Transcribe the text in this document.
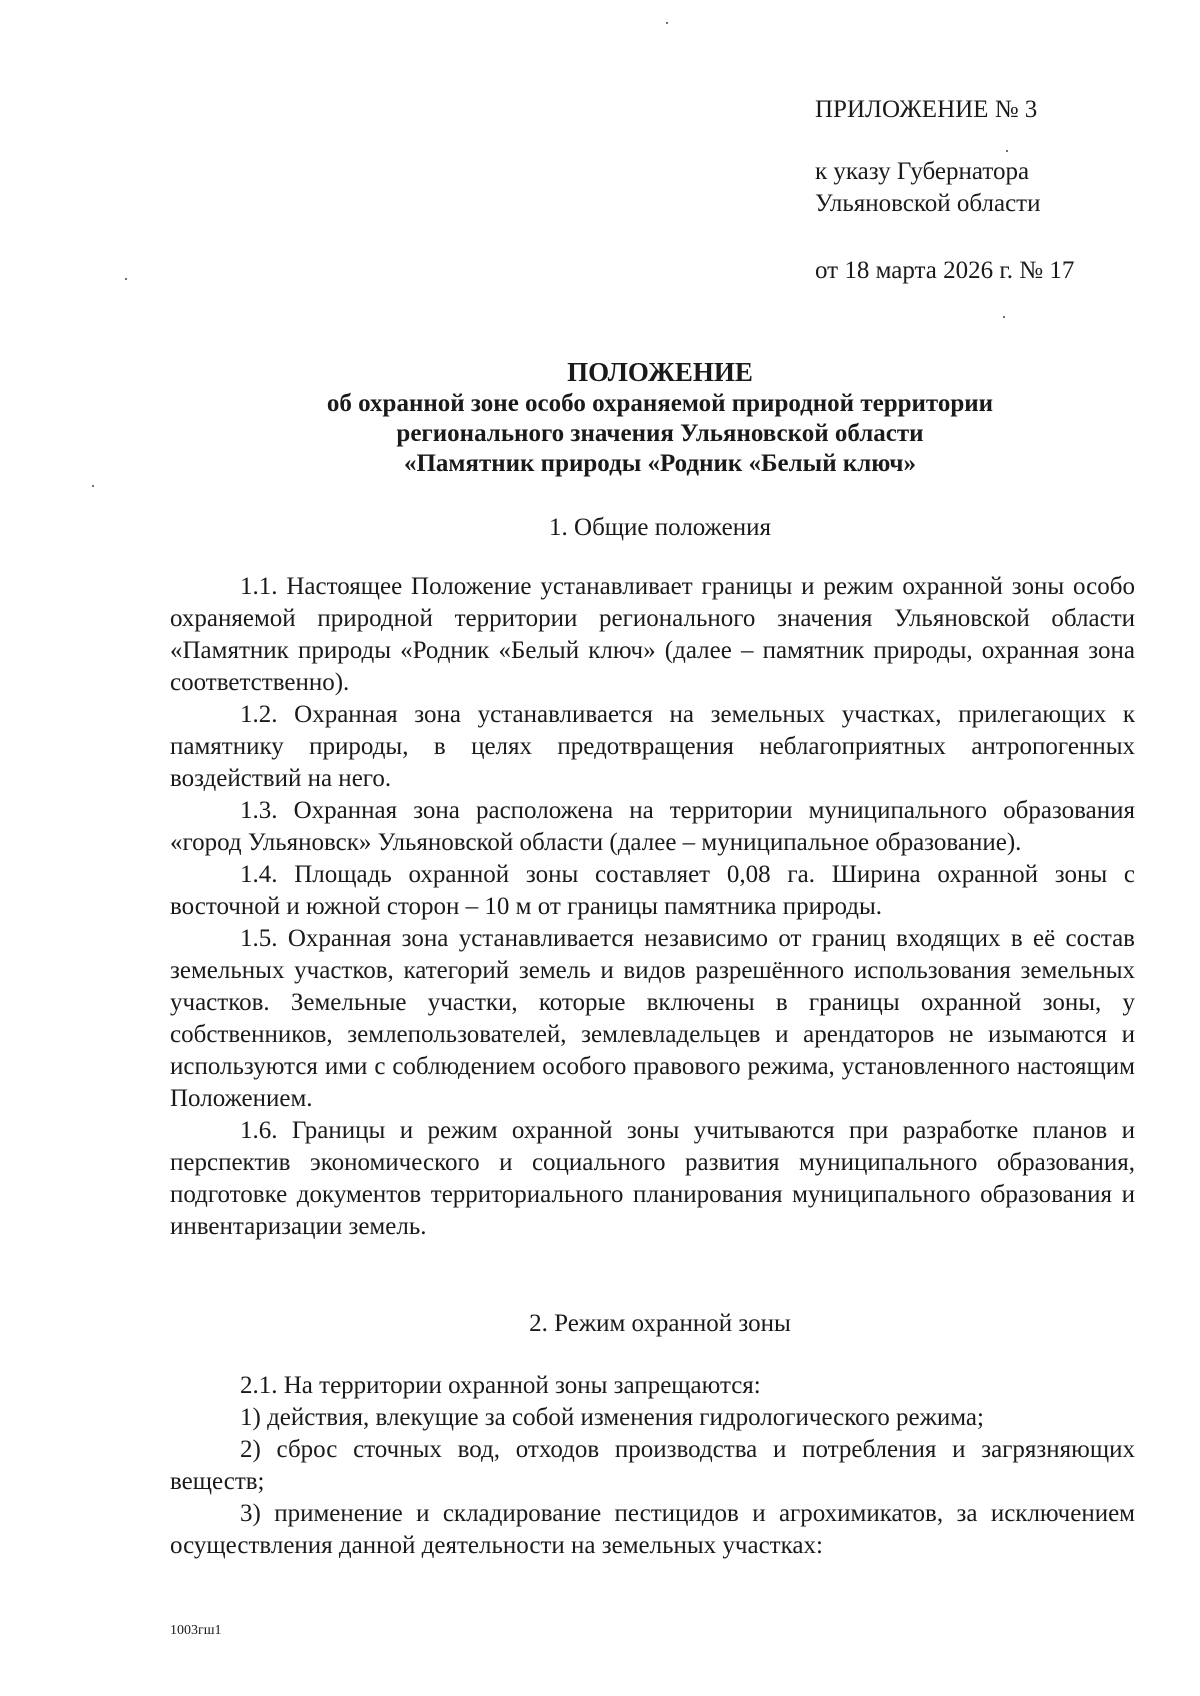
ПРИЛОЖЕНИЕ № 3
к указу Губернатора
Ульяновской области
от 18 марта 2026 г. № 17
ПОЛОЖЕНИЕ
об охранной зоне особо охраняемой природной территории
регионального значения Ульяновской области
«Памятник природы «Родник «Белый ключ»
1. Общие положения

1.1. Настоящее Положение устанавливает границы и режим охранной зоны особо охраняемой природной территории регионального значения Ульяновской области «Памятник природы «Родник «Белый ключ» (далее – памятник природы, охранная зона соответственно).

1.2. Охранная зона устанавливается на земельных участках, прилегающих к памятнику природы, в целях предотвращения неблагоприятных антропогенных воздействий на него.

1.3. Охранная зона расположена на территории муниципального образования «город Ульяновск» Ульяновской области (далее – муниципальное образование).

1.4. Площадь охранной зоны составляет 0,08 га. Ширина охранной зоны с восточной и южной сторон – 10 м от границы памятника природы.

1.5. Охранная зона устанавливается независимо от границ входящих в её состав земельных участков, категорий земель и видов разрешённого использования земельных участков. Земельные участки, которые включены в границы охранной зоны, у собственников, землепользователей, землевладельцев и арендаторов не изымаются и используются ими с соблюдением особого правового режима, установленного настоящим Положением.

1.6. Границы и режим охранной зоны учитываются при разработке планов и перспектив экономического и социального развития муниципального образования, подготовке документов территориального планирования муниципального образования и инвентаризации земель.

2. Режим охранной зоны

2.1. На территории охранной зоны запрещаются:

1) действия, влекущие за собой изменения гидрологического режима;

2) сброс сточных вод, отходов производства и потребления и загрязняющих веществ;

3) применение и складирование пестицидов и агрохимикатов, за исключением осуществления данной деятельности на земельных участках:

1003гш1
